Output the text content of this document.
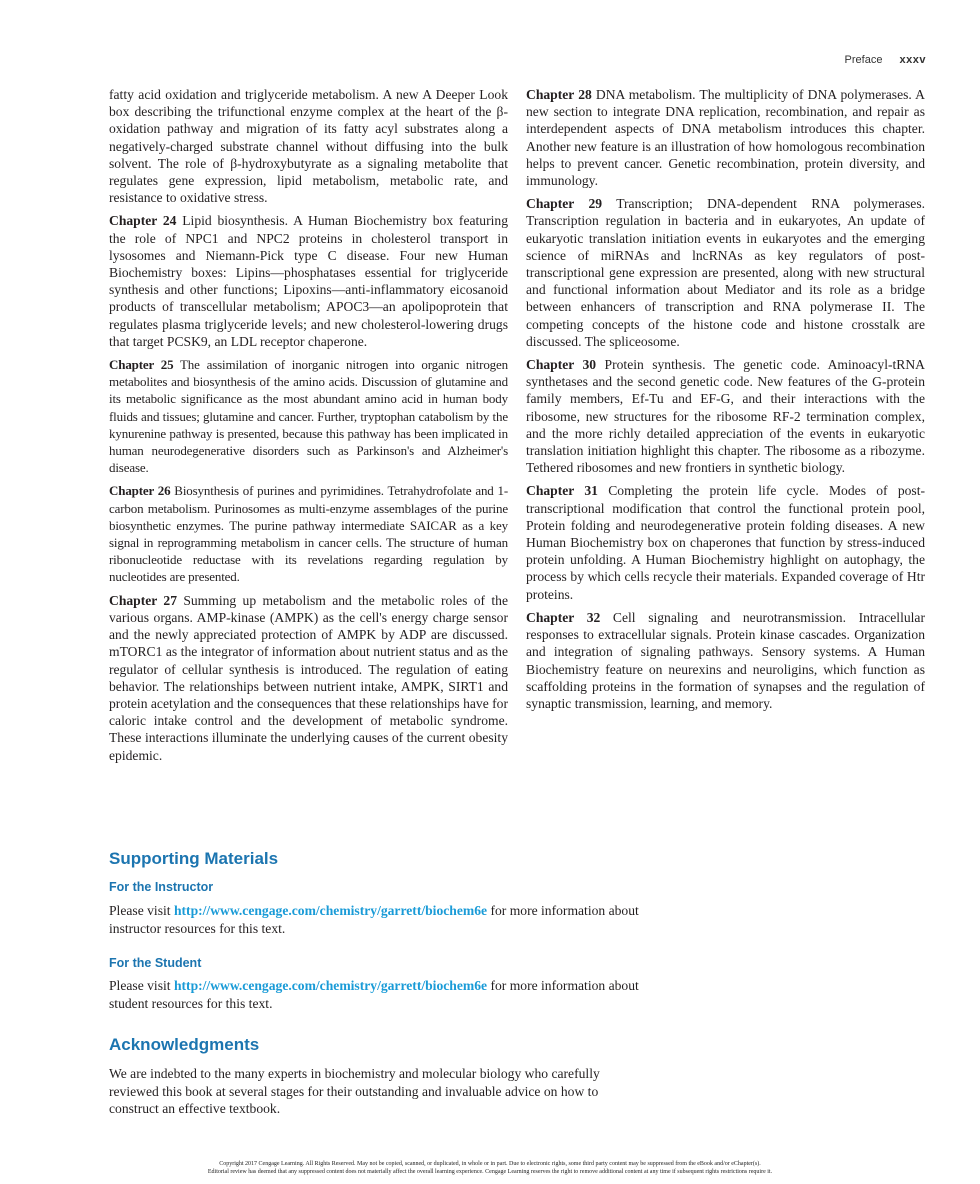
Preface xxxv

fatty acid oxidation and triglyceride metabolism. A new A Deeper Look box describing the trifunctional enzyme complex at the heart of the β-oxidation pathway and migration of its fatty acyl substrates along a negatively-charged substrate channel without diffusing into the bulk solvent. The role of β-hydroxybutyrate as a signaling metabolite that regulates gene expression, lipid metabolism, metabolic rate, and resistance to oxidative stress.

Chapter 24 Lipid biosynthesis. A Human Biochemistry box featuring the role of NPC1 and NPC2 proteins in cholesterol transport in lysosomes and Niemann-Pick type C disease. Four new Human Biochemistry boxes: Lipins—phosphatases essential for triglyceride synthesis and other functions; Lipoxins—anti-inflammatory eicosanoid products of transcellular metabolism; APOC3—an apolipoprotein that regulates plasma triglyceride levels; and new cholesterol-lowering drugs that target PCSK9, an LDL receptor chaperone.

Chapter 25 The assimilation of inorganic nitrogen into organic nitrogen metabolites and biosynthesis of the amino acids. Discussion of glutamine and its metabolic significance as the most abundant amino acid in human body fluids and tissues; glutamine and cancer. Further, tryptophan catabolism by the kynurenine pathway is presented, because this pathway has been implicated in human neurodegenerative disorders such as Parkinson's and Alzheimer's disease.

Chapter 26 Biosynthesis of purines and pyrimidines. Tetrahydrofolate and 1-carbon metabolism. Purinosomes as multi-enzyme assemblages of the purine biosynthetic enzymes. The purine pathway intermediate SAICAR as a key signal in reprogramming metabolism in cancer cells. The structure of human ribonucleotide reductase with its revelations regarding regulation by nucleotides are presented.

Chapter 27 Summing up metabolism and the metabolic roles of the various organs. AMP-kinase (AMPK) as the cell's energy charge sensor and the newly appreciated protection of AMPK by ADP are discussed. mTORC1 as the integrator of information about nutrient status and as the regulator of cellular synthesis is introduced. The regulation of eating behavior. The relationships between nutrient intake, AMPK, SIRT1 and protein acetylation and the consequences that these relationships have for caloric intake control and the development of metabolic syndrome. These interactions illuminate the underlying causes of the current obesity epidemic.

Chapter 28 DNA metabolism. The multiplicity of DNA polymerases. A new section to integrate DNA replication, recombination, and repair as interdependent aspects of DNA metabolism introduces this chapter. Another new feature is an illustration of how homologous recombination helps to prevent cancer. Genetic recombination, protein diversity, and immunology.

Chapter 29 Transcription; DNA-dependent RNA polymerases. Transcription regulation in bacteria and in eukaryotes, An update of eukaryotic translation initiation events in eukaryotes and the emerging science of miRNAs and lncRNAs as key regulators of post-transcriptional gene expression are presented, along with new structural and functional information about Mediator and its role as a bridge between enhancers of transcription and RNA polymerase II. The competing concepts of the histone code and histone crosstalk are discussed. The spliceosome.

Chapter 30 Protein synthesis. The genetic code. Aminoacyl-tRNA synthetases and the second genetic code. New features of the G-protein family members, Ef-Tu and EF-G, and their interactions with the ribosome, new structures for the ribosome RF-2 termination complex, and the more richly detailed appreciation of the events in eukaryotic translation initiation highlight this chapter. The ribosome as a ribozyme. Tethered ribosomes and new frontiers in synthetic biology.

Chapter 31 Completing the protein life cycle. Modes of post-transcriptional modification that control the functional protein pool, Protein folding and neurodegenerative protein folding diseases. A new Human Biochemistry box on chaperones that function by stress-induced protein unfolding. A Human Biochemistry highlight on autophagy, the process by which cells recycle their materials. Expanded coverage of Htr proteins.

Chapter 32 Cell signaling and neurotransmission. Intracellular responses to extracellular signals. Protein kinase cascades. Organization and integration of signaling pathways. Sensory systems. A Human Biochemistry feature on neurexins and neuroligins, which function as scaffolding proteins in the formation of synapses and the regulation of synaptic transmission, learning, and memory.

Supporting Materials
For the Instructor

Please visit http://www.cengage.com/chemistry/garrett/biochem6e for more information about instructor resources for this text.

For the Student

Please visit http://www.cengage.com/chemistry/garrett/biochem6e for more information about student resources for this text.

Acknowledgments

We are indebted to the many experts in biochemistry and molecular biology who carefully reviewed this book at several stages for their outstanding and invaluable advice on how to construct an effective textbook.

Copyright 2017 Cengage Learning. All Rights Reserved. May not be copied, scanned, or duplicated, in whole or in part. Due to electronic rights, some third party content may be suppressed from the eBook and/or eChapter(s).
Editorial review has deemed that any suppressed content does not materially affect the overall learning experience. Cengage Learning reserves the right to remove additional content at any time if subsequent rights restrictions require it.
